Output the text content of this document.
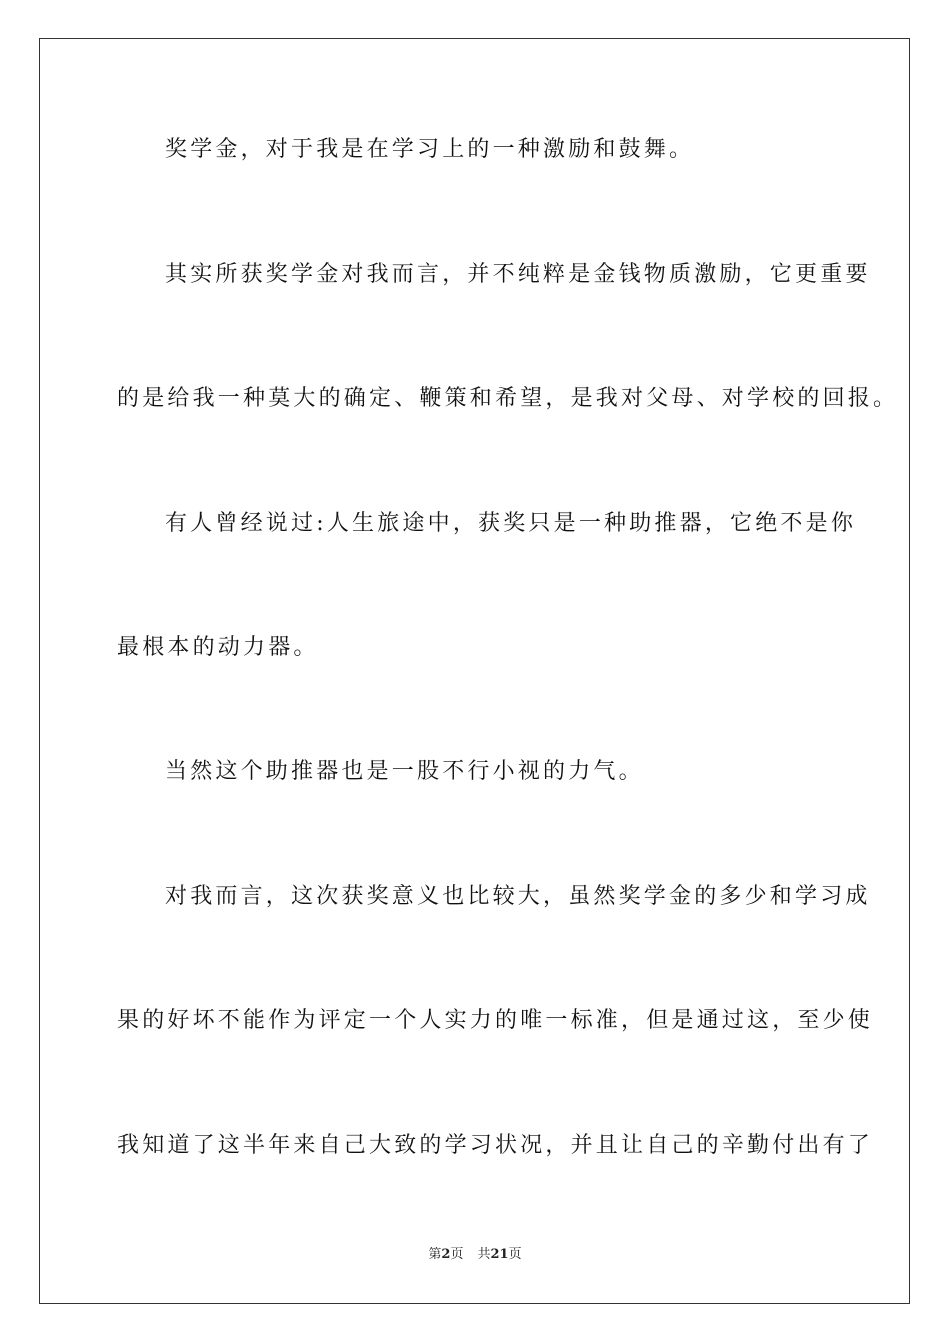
奖学金，对于我是在学习上的一种激励和鼓舞。
其实所获奖学金对我而言，并不纯粹是金钱物质激励，它更重要
的是给我一种莫大的确定、鞭策和希望，是我对父母、对学校的回报。
有人曾经说过:人生旅途中，获奖只是一种助推器，它绝不是你
最根本的动力器。
当然这个助推器也是一股不行小视的力气。
对我而言，这次获奖意义也比较大，虽然奖学金的多少和学习成
果的好坏不能作为评定一个人实力的唯一标准，但是通过这，至少使
我知道了这半年来自己大致的学习状况，并且让自己的辛勤付出有了
第2页 共21页
